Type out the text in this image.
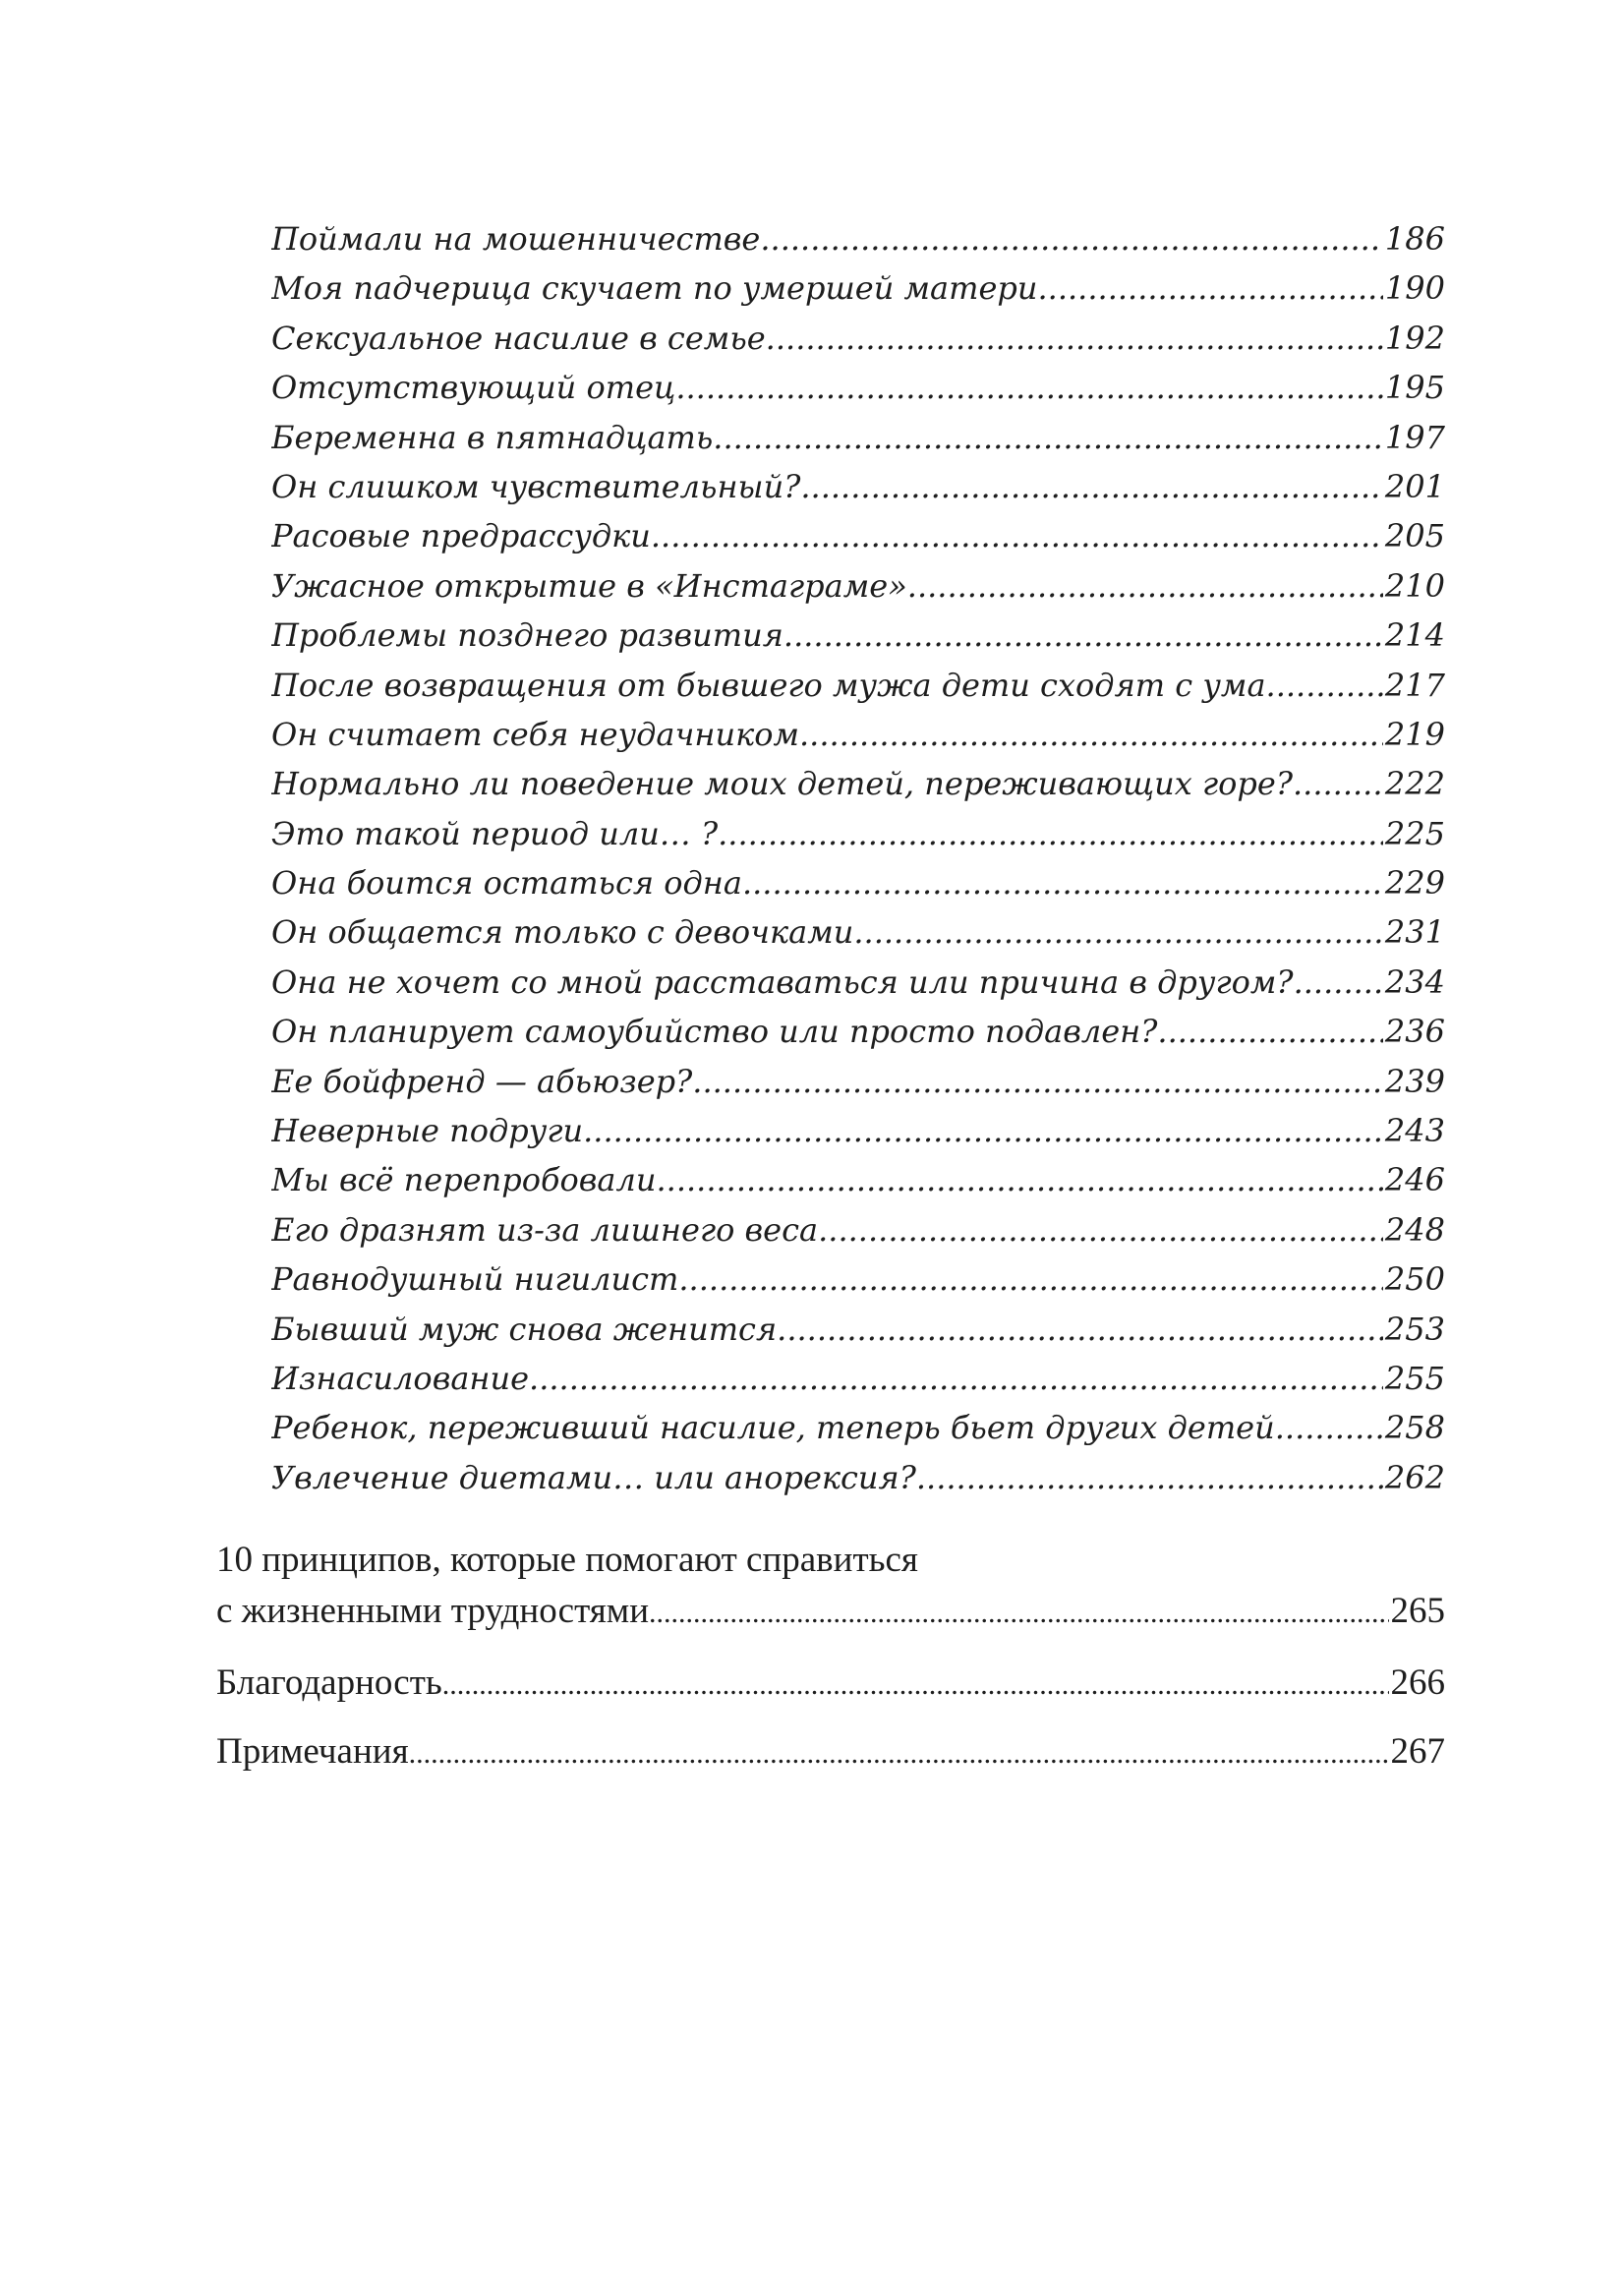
Поймали на мошенничестве .....	186
Моя падчерица скучает по умершей матери .....	190
Сексуальное насилие в семье .....	192
Отсутствующий отец .....	195
Беременна в пятнадцать .....	197
Он слишком чувствительный? .....	201
Расовые предрассудки .....	205
Ужасное открытие в «Инстаграме» .....	210
Проблемы позднего развития .....	214
После возвращения от бывшего мужа дети сходят с ума .....	217
Он считает себя неудачником .....	219
Нормально ли поведение моих детей, переживающих горе? .....	222
Это такой период или… ? .....	225
Она боится остаться одна .....	229
Он общается только с девочками .....	231
Она не хочет со мной расставаться или причина в другом? .....	234
Он планирует самоубийство или просто подавлен? .....	236
Ее бойфренд — абьюзер? .....	239
Неверные подруги .....	243
Мы всё перепробовали .....	246
Его дразнят из-за лишнего веса .....	248
Равнодушный нигилист .....	250
Бывший муж снова женится .....	253
Изнасилование .....	255
Ребенок, переживший насилие, теперь бьет других детей .....	258
Увлечение диетами… или анорексия? .....	262
10 принципов, которые помогают справиться
с жизненными трудностями .....	265
Благодарность .....	266
Примечания .....	267
